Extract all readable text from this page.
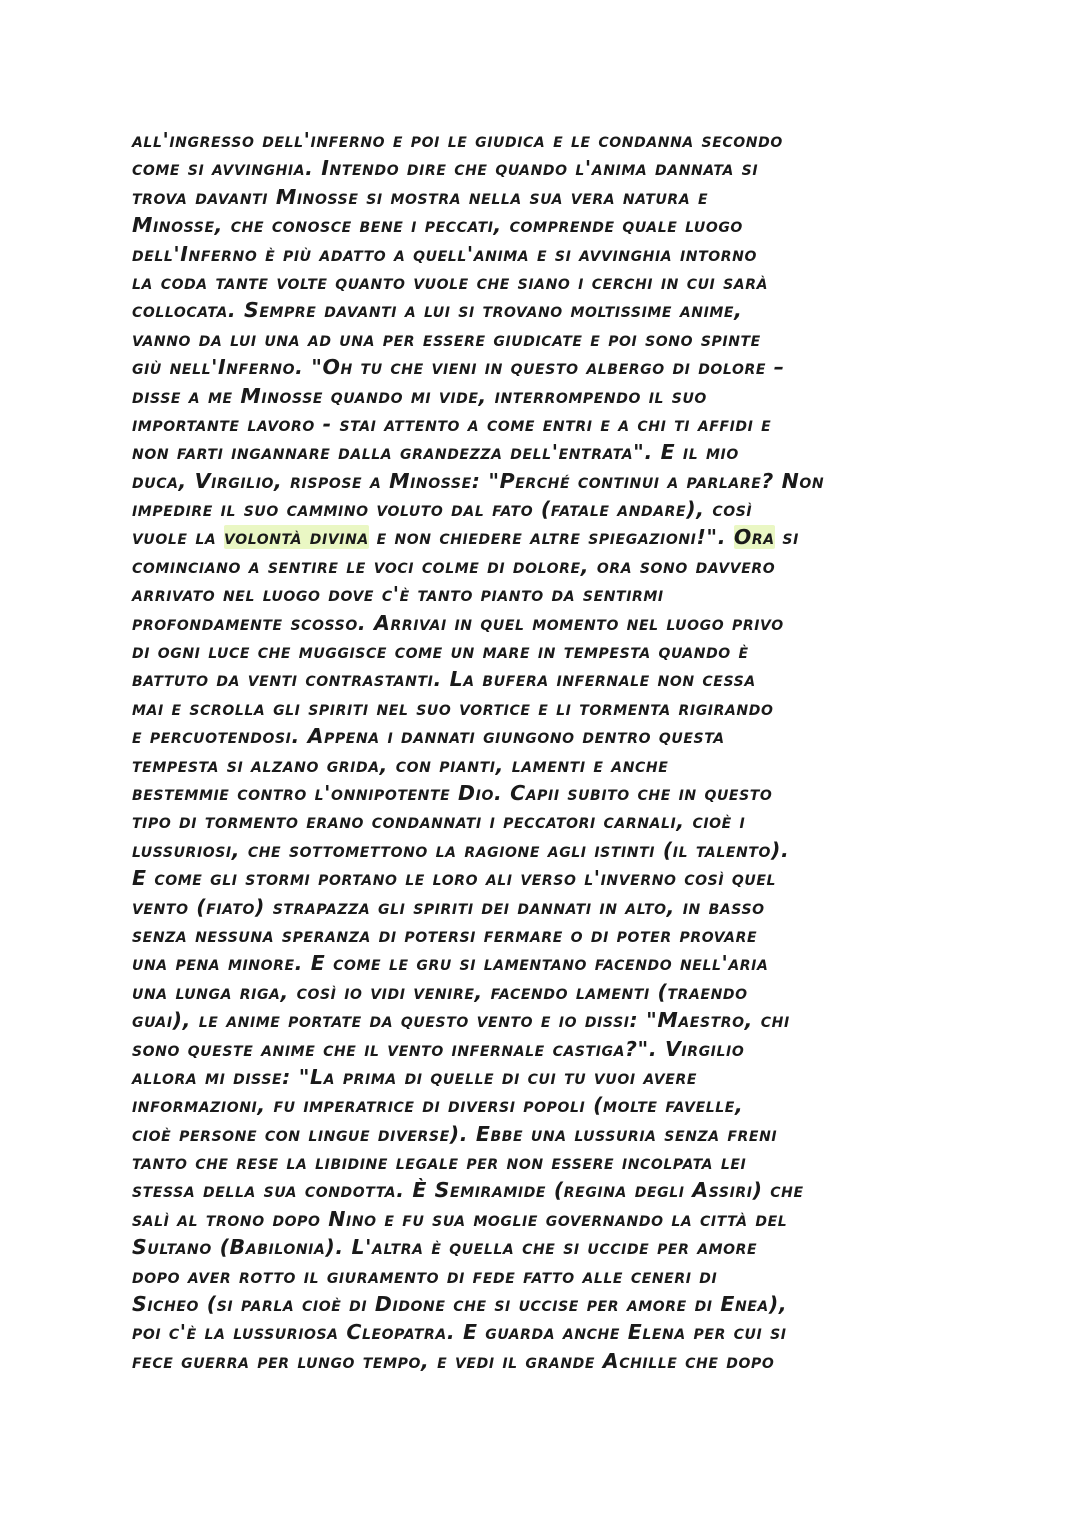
all'ingresso dell'inferno e poi le giudica e le condanna secondo
come si avvinghia. Intendo dire che quando l'anima dannata si
trova davanti Minosse si mostra nella sua vera natura e
Minosse, che conosce bene i peccati, comprende quale luogo
dell'Inferno è più adatto a quell'anima e si avvinghia intorno
la coda tante volte quanto vuole che siano i cerchi in cui sarà
collocata. Sempre davanti a lui si trovano moltissime anime,
vanno da lui una ad una per essere giudicate e poi sono spinte
giù nell'Inferno. "Oh tu che vieni in questo albergo di dolore –
disse a me Minosse quando mi vide, interrompendo il suo
importante lavoro - stai attento a come entri e a chi ti affidi e
non farti ingannare dalla grandezza dell'entrata". E il mio
duca, Virgilio, rispose a Minosse: "Perché continui a parlare? Non
impedire il suo cammino voluto dal fato (fatale andare), così
vuole la volontà divina e non chiedere altre spiegazioni!". Ora si
cominciano a sentire le voci colme di dolore, ora sono davvero
arrivato nel luogo dove c'è tanto pianto da sentirmi
profondamente scosso. Arrivai in quel momento nel luogo privo
di ogni luce che muggisce come un mare in tempesta quando è
battuto da venti contrastanti. La bufera infernale non cessa
mai e scrolla gli spiriti nel suo vortice e li tormenta rigirando
e percuotendosi. Appena i dannati giungono dentro questa
tempesta si alzano grida, con pianti, lamenti e anche
bestemmie contro l'onnipotente Dio. Capii subito che in questo
tipo di tormento erano condannati i peccatori carnali, cioè i
lussuriosi, che sottomettono la ragione agli istinti (il talento).
E come gli stormi portano le loro ali verso l'inverno così quel
vento (fiato) strapazza gli spiriti dei dannati in alto, in basso
senza nessuna speranza di potersi fermare o di poter provare
una pena minore. E come le gru si lamentano facendo nell'aria
una lunga riga, così io vidi venire, facendo lamenti (traendo
guai), le anime portate da questo vento e io dissi: "Maestro, chi
sono queste anime che il vento infernale castiga?". Virgilio
allora mi disse: "La prima di quelle di cui tu vuoi avere
informazioni, fu imperatrice di diversi popoli (molte favelle,
cioè persone con lingue diverse). Ebbe una lussuria senza freni
tanto che rese la libidine legale per non essere incolpata lei
stessa della sua condotta. È Semiramide (regina degli Assiri) che
salì al trono dopo Nino e fu sua moglie governando la città del
Sultano (Babilonia). L'altra è quella che si uccide per amore
dopo aver rotto il giuramento di fede fatto alle ceneri di
Sicheo (si parla cioè di Didone che si uccise per amore di Enea),
poi c'è la lussuriosa Cleopatra. E guarda anche Elena per cui si
fece guerra per lungo tempo, e vedi il grande Achille che dopo
